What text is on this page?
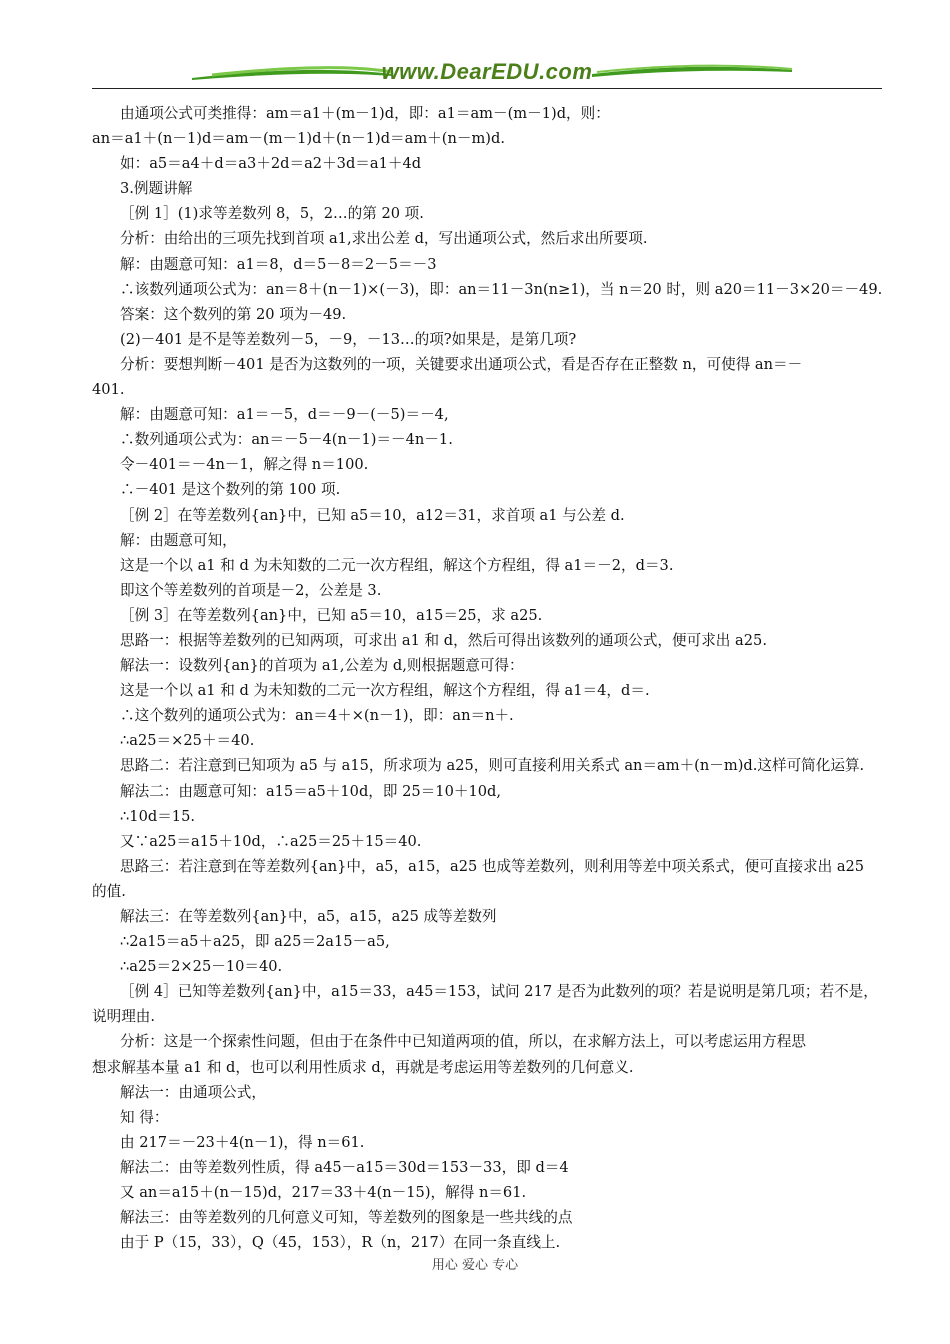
www.DearEDU.com
由通项公式可类推得：am＝a1＋(m－1)d，即：a1＝am－(m－1)d，则：
an＝a1＋(n－1)d＝am－(m－1)d＋(n－1)d＝am＋(n－m)d.
如：a5＝a4＋d＝a3＋2d＝a2＋3d＝a1＋4d
3.例题讲解
［例 1］(1)求等差数列 8，5，2…的第 20 项.
分析：由给出的三项先找到首项 a1,求出公差 d，写出通项公式，然后求出所要项.
解：由题意可知：a1＝8，d＝5－8＝2－5＝－3
∴该数列通项公式为：an＝8＋(n－1)×(－3)，即：an＝11－3n(n≥1)，当 n＝20 时，则 a20＝11－3×20＝－49.
答案：这个数列的第 20 项为－49.
(2)－401 是不是等差数列－5，－9，－13…的项?如果是，是第几项?
分析：要想判断－401 是否为这数列的一项，关键要求出通项公式，看是否存在正整数 n，可使得 an＝－
401.
解：由题意可知：a1＝－5，d＝－9－(－5)＝－4,
∴数列通项公式为：an＝－5－4(n－1)＝－4n－1.
令－401＝－4n－1，解之得 n＝100.
∴－401 是这个数列的第 100 项.
［例 2］在等差数列{an}中，已知 a5＝10，a12＝31，求首项 a1 与公差 d.
解：由题意可知，
这是一个以 a1 和 d 为未知数的二元一次方程组，解这个方程组，得 a1＝－2，d＝3.
即这个等差数列的首项是－2，公差是 3.
［例 3］在等差数列{an}中，已知 a5＝10，a15＝25，求 a25.
思路一：根据等差数列的已知两项，可求出 a1 和 d，然后可得出该数列的通项公式，便可求出 a25.
解法一：设数列{an}的首项为 a1,公差为 d,则根据题意可得：
这是一个以 a1 和 d 为未知数的二元一次方程组，解这个方程组，得 a1＝4，d＝.
∴这个数列的通项公式为：an＝4＋×(n－1)，即：an＝n＋.
∴a25＝×25＋＝40.
思路二：若注意到已知项为 a5 与 a15，所求项为 a25，则可直接利用关系式 an＝am＋(n－m)d.这样可简化运算.
解法二：由题意可知：a15＝a5＋10d，即 25＝10＋10d,
∴10d＝15.
又∵a25＝a15＋10d，∴a25＝25＋15＝40.
思路三：若注意到在等差数列{an}中，a5，a15，a25 也成等差数列，则利用等差中项关系式，便可直接求出 a25
的值.
解法三：在等差数列{an}中，a5，a15，a25 成等差数列
∴2a15＝a5＋a25，即 a25＝2a15－a5,
∴a25＝2×25－10＝40.
［例 4］已知等差数列{an}中，a15＝33，a45＝153，试问 217 是否为此数列的项？若是说明是第几项；若不是，
说明理由.
分析：这是一个探索性问题，但由于在条件中已知道两项的值，所以，在求解方法上，可以考虑运用方程思
想求解基本量 a1 和 d，也可以利用性质求 d，再就是考虑运用等差数列的几何意义.
解法一：由通项公式，
知 得：
由 217＝－23＋4(n－1)，得 n＝61.
解法二：由等差数列性质，得 a45－a15＝30d＝153－33，即 d＝4
又 an＝a15＋(n－15)d，217＝33＋4(n－15)，解得 n＝61.
解法三：由等差数列的几何意义可知，等差数列的图象是一些共线的点
由于 P（15，33），Q（45，153），R（n，217）在同一条直线上.
用心 爱心 专心
